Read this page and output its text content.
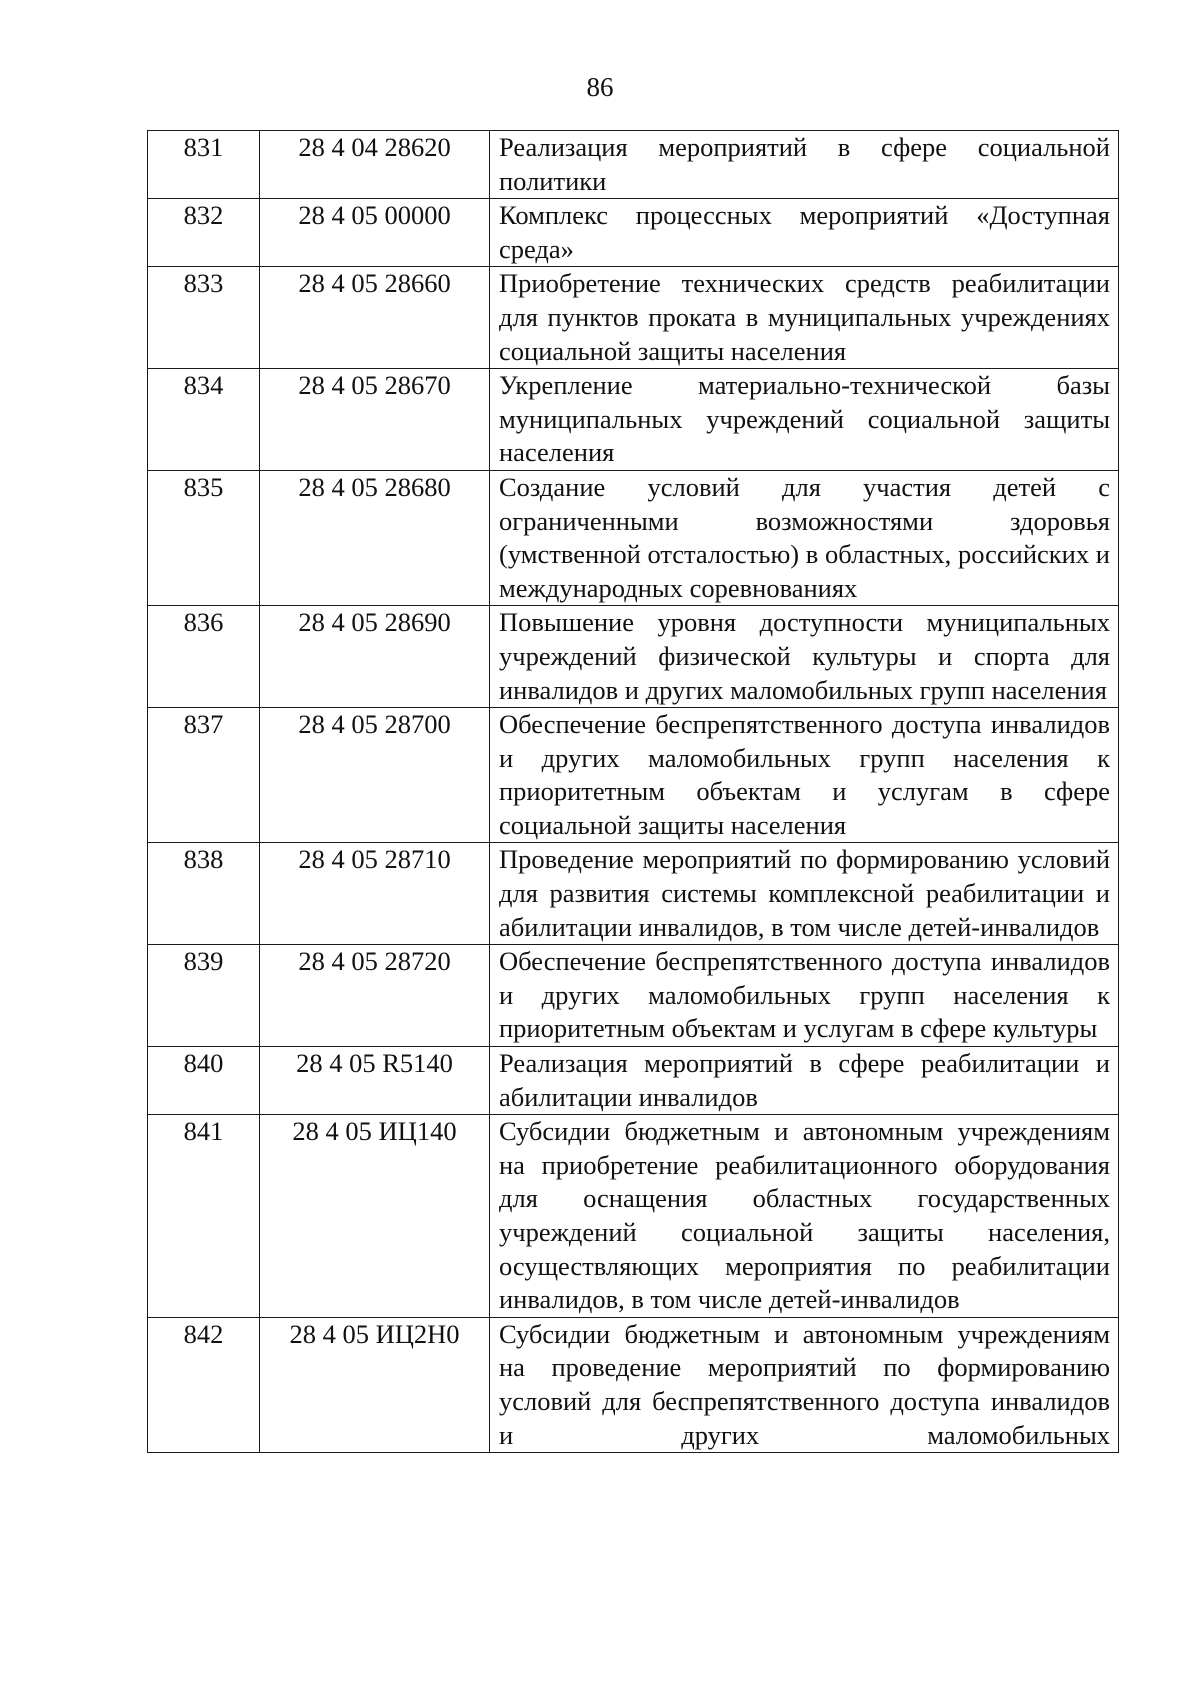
86
831	28 4 04 28620	Реализация мероприятий в сфере социальной политики
832	28 4 05 00000	Комплекс процессных мероприятий «Доступная среда»
833	28 4 05 28660	Приобретение технических средств реабилитации для пунктов проката в муниципальных учреждениях социальной защиты населения
834	28 4 05 28670	Укрепление материально-технической базы муниципальных учреждений социальной защиты населения
835	28 4 05 28680	Создание условий для участия детей с ограниченными возможностями здоровья (умственной отсталостью) в областных, российских и международных соревнованиях
836	28 4 05 28690	Повышение уровня доступности муниципальных учреждений физической культуры и спорта для инвалидов и других маломобильных групп населения
837	28 4 05 28700	Обеспечение беспрепятственного доступа инвалидов и других маломобильных групп населения к приоритетным объектам и услугам в сфере социальной защиты населения
838	28 4 05 28710	Проведение мероприятий по формированию условий для развития системы комплексной реабилитации и абилитации инвалидов, в том числе детей-инвалидов
839	28 4 05 28720	Обеспечение беспрепятственного доступа инвалидов и других маломобильных групп населения к приоритетным объектам и услугам в сфере культуры
840	28 4 05 R5140	Реализация мероприятий в сфере реабилитации и абилитации инвалидов
841	28 4 05 ИЦ140	Субсидии бюджетным и автономным учреждениям на приобретение реабилитационного оборудования для оснащения областных государственных учреждений социальной защиты населения, осуществляющих мероприятия по реабилитации инвалидов, в том числе детей-инвалидов
842	28 4 05 ИЦ2Н0	Субсидии бюджетным и автономным учреждениям на проведение мероприятий по формированию условий для беспрепятственного доступа инвалидов и других маломобильных
